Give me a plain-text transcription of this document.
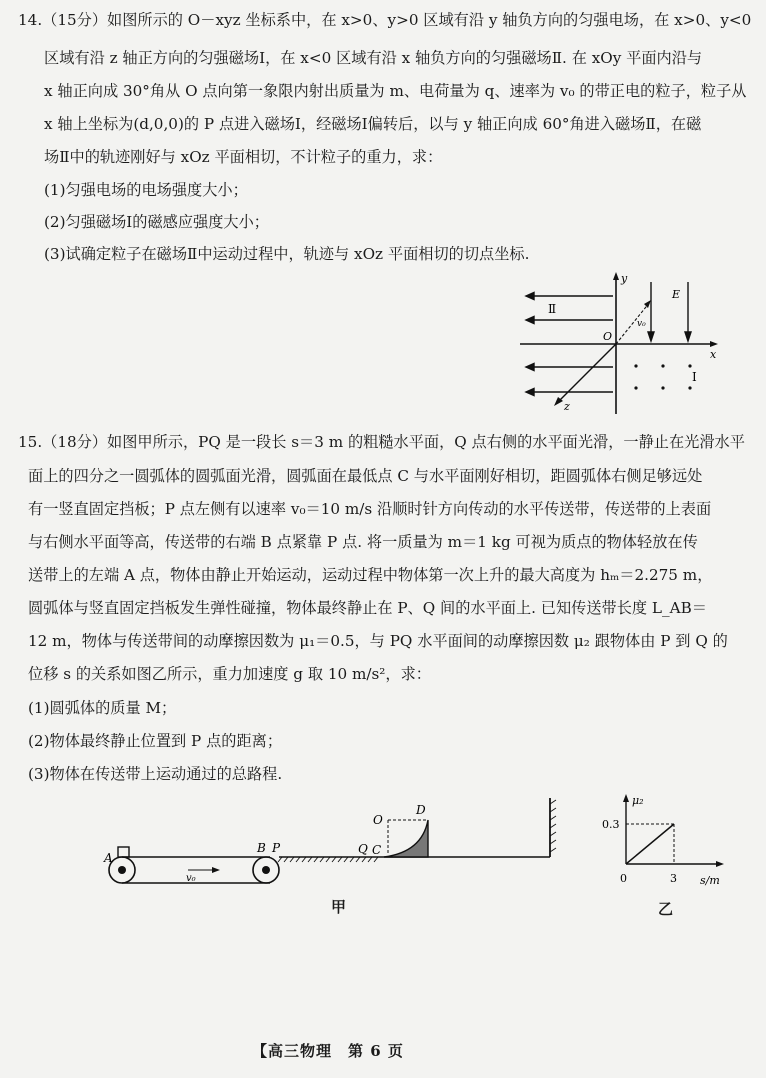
14.（15分）如图所示的 O－xyz 坐标系中，在 x>0、y>0 区域有沿 y 轴负方向的匀强电场，在 x>0、y<0
区域有沿 z 轴正方向的匀强磁场Ⅰ，在 x<0 区域有沿 x 轴负方向的匀强磁场Ⅱ. 在 xOy 平面内沿与
x 轴正向成 30°角从 O 点向第一象限内射出质量为 m、电荷量为 q、速率为 v₀ 的带正电的粒子，粒子从
x 轴上坐标为(d,0,0)的 P 点进入磁场Ⅰ，经磁场Ⅰ偏转后，以与 y 轴正向成 60°角进入磁场Ⅱ，在磁
场Ⅱ中的轨迹刚好与 xOz 平面相切，不计粒子的重力，求：
(1)匀强电场的电场强度大小；
(2)匀强磁场Ⅰ的磁感应强度大小；
(3)试确定粒子在磁场Ⅱ中运动过程中，轨迹与 xOz 平面相切的切点坐标.
y
x
z
O
v₀
E
Ⅱ
Ⅰ
15.（18分）如图甲所示，PQ 是一段长 s＝3 m 的粗糙水平面，Q 点右侧的水平面光滑，一静止在光滑水平
面上的四分之一圆弧体的圆弧面光滑，圆弧面在最低点 C 与水平面刚好相切，距圆弧体右侧足够远处
有一竖直固定挡板；P 点左侧有以速率 v₀＝10 m/s 沿顺时针方向传动的水平传送带，传送带的上表面
与右侧水平面等高，传送带的右端 B 点紧靠 P 点. 将一质量为 m＝1 kg 可视为质点的物体轻放在传
送带上的左端 A 点，物体由静止开始运动，运动过程中物体第一次上升的最大高度为 hₘ＝2.275 m，
圆弧体与竖直固定挡板发生弹性碰撞，物体最终静止在 P、Q 间的水平面上. 已知传送带长度 L_AB＝
12 m，物体与传送带间的动摩擦因数为 μ₁＝0.5，与 PQ 水平面间的动摩擦因数 μ₂ 跟物体由 P 到 Q 的
位移 s 的关系如图乙所示，重力加速度 g 取 10 m/s²，求：
(1)圆弧体的质量 M；
(2)物体最终静止位置到 P 点的距离；
(3)物体在传送带上运动通过的总路程.
A
B P	Q C
O
D
v₀
甲
μ₂
0.3
3
0	s/m
乙
【高三物理　第 6 页
